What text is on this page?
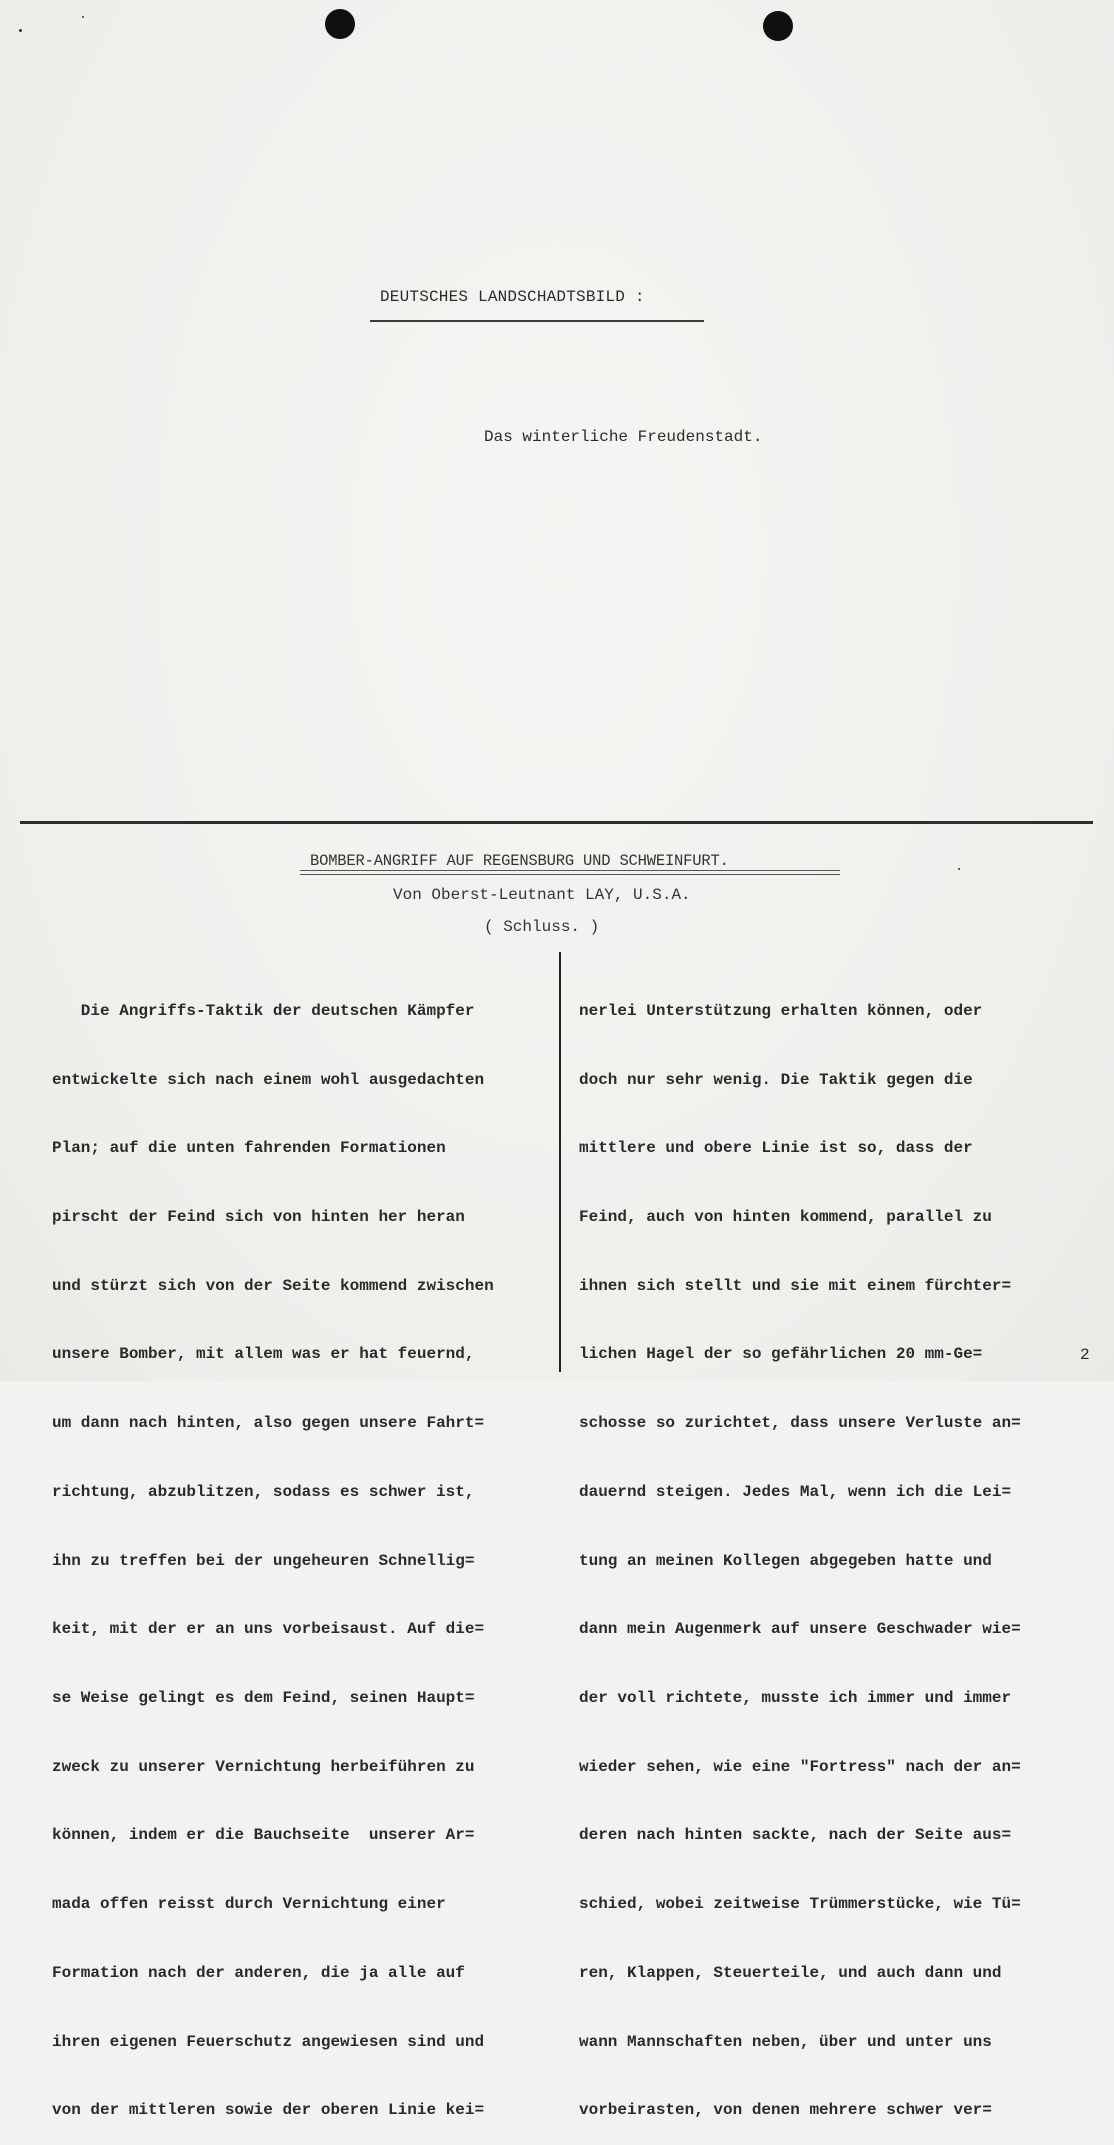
DEUTSCHES LANDSCHADTSBILD :
Das winterliche Freudenstadt.
BOMBER-ANGRIFF AUF REGENSBURG UND SCHWEINFURT.
Von Oberst-Leutnant LAY, U.S.A.
( Schluss. )

Die Angriffs-Taktik der deutschen Kämpfer

entwickelte sich nach einem wohl ausgedachten

Plan; auf die unten fahrenden Formationen

pirscht der Feind sich von hinten her heran

und stürzt sich von der Seite kommend zwischen

unsere Bomber, mit allem was er hat feuernd,

um dann nach hinten, also gegen unsere Fahrt=

richtung, abzublitzen, sodass es schwer ist,

ihn zu treffen bei der ungeheuren Schnellig=

keit, mit der er an uns vorbeisaust. Auf die=

se Weise gelingt es dem Feind, seinen Haupt=

zweck zu unserer Vernichtung herbeiführen zu

können, indem er die Bauchseite  unserer Ar=

mada offen reisst durch Vernichtung einer

Formation nach der anderen, die ja alle auf

ihren eigenen Feuerschutz angewiesen sind und

von der mittleren sowie der oberen Linie kei=

nerlei Unterstützung erhalten können, oder

doch nur sehr wenig. Die Taktik gegen die

mittlere und obere Linie ist so, dass der

Feind, auch von hinten kommend, parallel zu

ihnen sich stellt und sie mit einem fürchter=

lichen Hagel der so gefährlichen 20 mm-Ge=

schosse so zurichtet, dass unsere Verluste an=

dauernd steigen. Jedes Mal, wenn ich die Lei=

tung an meinen Kollegen abgegeben hatte und

dann mein Augenmerk auf unsere Geschwader wie=

der voll richtete, musste ich immer und immer

wieder sehen, wie eine "Fortress" nach der an=

deren nach hinten sackte, nach der Seite aus=

schied, wobei zeitweise Trümmerstücke, wie Tü=

ren, Klappen, Steuerteile, und auch dann und

wann Mannschaften neben, über und unter uns

vorbeirasten, von denen mehrere schwer ver=

2
